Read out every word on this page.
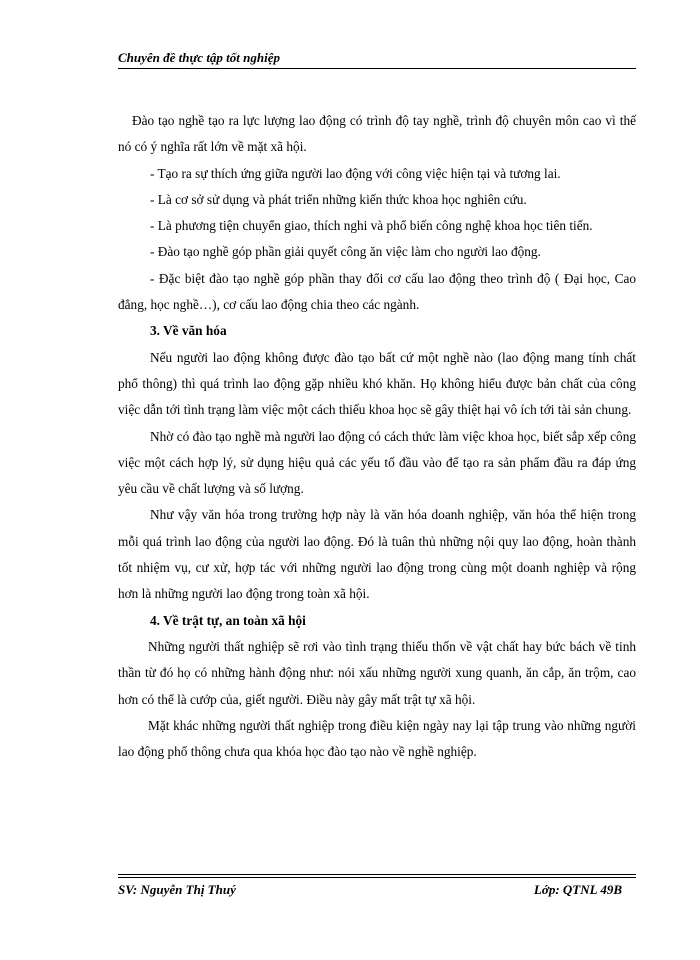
Chuyên đề thực tập tốt nghiệp

Đào tạo nghề tạo ra lực lượng lao động có trình độ tay nghề, trình độ chuyên môn cao vì thế nó có ý nghĩa rất lớn về mặt xã hội.

- Tạo ra sự thích ứng giữa người lao động với công việc hiện tại và tương lai.

- Là cơ sở sử dụng và phát triển những kiến thức khoa học nghiên cứu.

- Là phương tiện chuyển giao, thích nghi và phổ biến công nghệ khoa học tiên tiến.

- Đào tạo nghề góp phần giải quyết công ăn việc làm cho người lao động.

- Đặc biệt đào tạo nghề góp phần thay đổi cơ cấu lao động theo trình độ ( Đại học, Cao đẳng, học nghề…), cơ cấu lao động chia theo các ngành.

3. Về văn hóa

Nếu người lao động không được đào tạo bất cứ một nghề nào (lao động mang tính chất phổ thông) thì quá trình lao động gặp nhiều khó khăn. Họ không hiểu được bản chất của công việc dẫn tới tình trạng làm việc một cách thiếu khoa học sẽ gây thiệt hại vô ích tới tài sản chung.

Nhờ có đào tạo nghề mà người lao động có cách thức làm việc khoa học, biết sắp xếp công việc một cách hợp lý, sử dụng hiệu quả các yếu tố đầu vào để tạo ra sản phẩm đầu ra đáp ứng yêu cầu về chất lượng và số lượng.

Như vậy văn hóa trong trường hợp này là văn hóa doanh nghiệp, văn hóa thể hiện trong mỗi quá trình lao động của người lao động. Đó là tuân thủ những nội quy lao động, hoàn thành tốt nhiệm vụ, cư xử, hợp tác với những người lao động trong cùng một doanh nghiệp và rộng hơn là những người lao động trong toàn xã hội.

4. Về trật tự, an toàn xã hội

Những người thất nghiệp sẽ rơi vào tình trạng thiếu thốn về vật chất hay bức bách về tinh thần từ đó họ có những hành động như: nói xấu những người xung quanh, ăn cắp, ăn trộm, cao hơn có thể là cướp của, giết người. Điều này gây mất trật tự xã hội.

Mặt khác những người thất nghiệp trong điều kiện ngày nay lại tập trung vào những người lao động phổ thông chưa qua khóa học đào tạo nào về nghề nghiệp.

SV: Nguyễn Thị Thuý	Lớp: QTNL 49B
